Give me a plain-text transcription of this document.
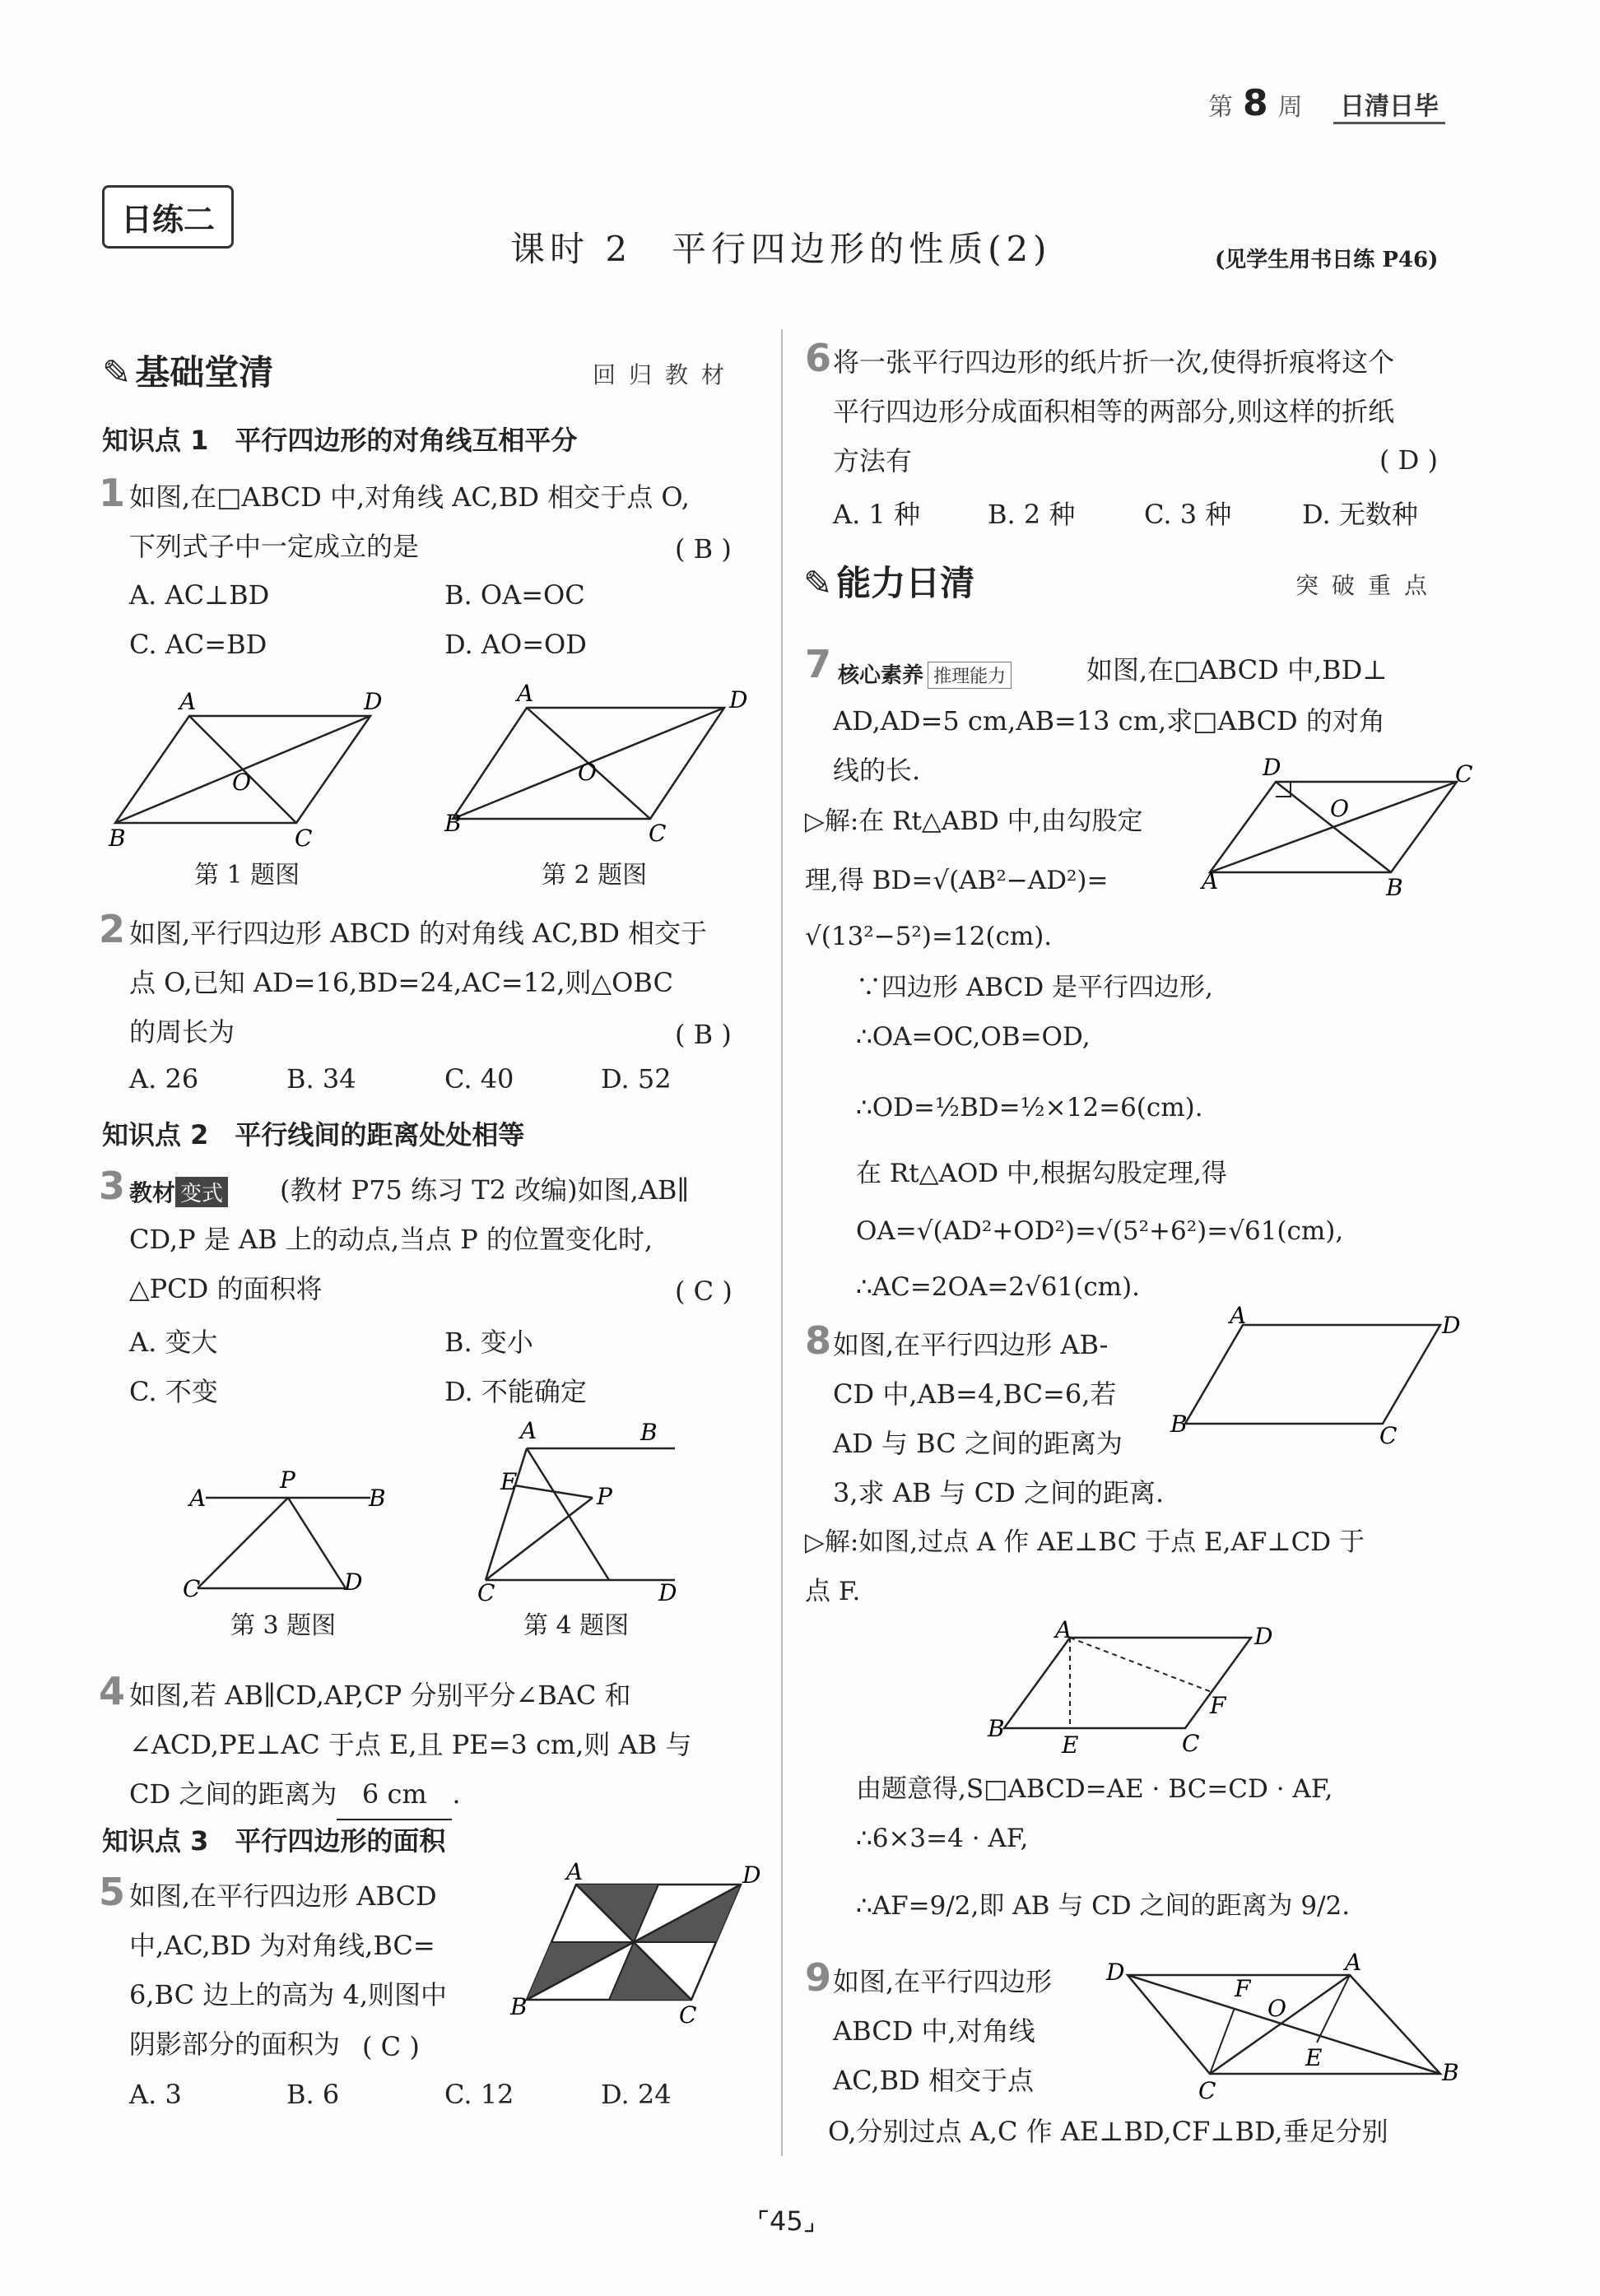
第 8 周 日清日毕
日练二
课时 2　平行四边形的性质(2)	(见学生用书日练 P46)
✎ 基础堂清	回归教材
知识点 1　平行四边形的对角线互相平分
1 如图,在□ABCD 中,对角线 AC,BD 相交于点 O,
下列式子中一定成立的是	( B )
A. AC⊥BD	B. OA=OC
C. AC=BD	D. AO=OD
A	D
B	C
O
第 1 题图
A	D
B	C
O
第 2 题图
2 如图,平行四边形 ABCD 的对角线 AC,BD 相交于
点 O,已知 AD=16,BD=24,AC=12,则△OBC
的周长为	( B )
A. 26	B. 34	C. 40	D. 52
知识点 2　平行线间的距离处处相等
3 教材 变式 (教材 P75 练习 T2 改编)如图,AB∥
CD,P 是 AB 上的动点,当点 P 的位置变化时,
△PCD 的面积将	( C )
A. 变大	B. 变小
C. 不变	D. 不能确定
A
P
B
C	D
第 3 题图
A	B
E
P
C	D
第 4 题图
4 如图,若 AB∥CD,AP,CP 分别平分∠BAC 和
∠ACD,PE⊥AC 于点 E,且 PE=3 cm,则 AB 与
CD 之间的距离为 6 cm .
知识点 3　平行四边形的面积
5 如图,在平行四边形 ABCD
中,AC,BD 为对角线,BC=
6,BC 边上的高为 4,则图中
阴影部分的面积为 ( C )
A. 3	B. 6	C. 12	D. 24
A	D
B	C
6 将一张平行四边形的纸片折一次,使得折痕将这个
平行四边形分成面积相等的两部分,则这样的折纸
方法有	( D )
A. 1 种	B. 2 种	C. 3 种	D. 无数种
✎ 能力日清	突破重点
7 核心素养 推理能力	如图,在□ABCD 中,BD⊥
AD,AD=5 cm,AB=13 cm,求□ABCD 的对角
线的长.	D	C
A	B
O
▷解:在 Rt△ABD 中,由勾股定
理,得 BD=√(AB²−AD²)=
√(13²−5²)=12(cm).
∵四边形 ABCD 是平行四边形,
∴OA=OC,OB=OD,
∴OD=½BD=½×12=6(cm).
在 Rt△AOD 中,根据勾股定理,得
OA=√(AD²+OD²)=√(5²+6²)=√61(cm),
∴AC=2OA=2√61(cm).
8 如图,在平行四边形 AB-
CD 中,AB=4,BC=6,若
AD 与 BC 之间的距离为
3,求 AB 与 CD 之间的距离.
A	D
B	C
▷解:如图,过点 A 作 AE⊥BC 于点 E,AF⊥CD 于
点 F.
A	D
B
E	C
F
由题意得,S□ABCD=AE · BC=CD · AF,
∴6×3=4 · AF,
∴AF=9/2,即 AB 与 CD 之间的距离为 9/2.
9 如图,在平行四边形
ABCD 中,对角线
AC,BD 相交于点
O,分别过点 A,C 作 AE⊥BD,CF⊥BD,垂足分别
D	A
C
B
F
O
E
⌜45⌟
